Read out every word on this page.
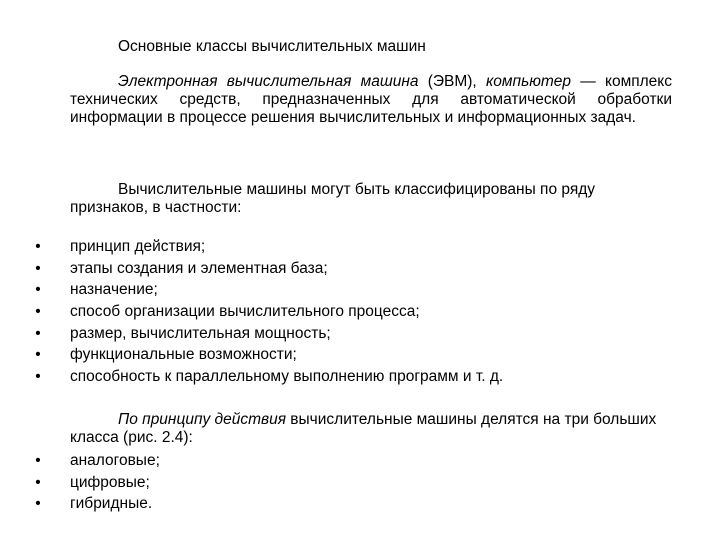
Основные классы вычислительных машин
Электронная вычислительная машина (ЭВМ), компьютер — комплекс технических средств, предназначенных для автоматической обработки информации в процессе решения вычислительных и информационных задач.
Вычислительные машины могут быть классифицированы по ряду признаков, в частности:
• принцип действия;
• этапы создания и элементная база;
• назначение;
• способ организации вычислительного процесса;
• размер, вычислительная мощность;
• функциональные возможности;
• способность к параллельному выполнению программ и т. д.
По принципу действия вычислительные машины делятся на три больших класса (рис. 2.4):
• аналоговые;
• цифровые;
• гибридные.
